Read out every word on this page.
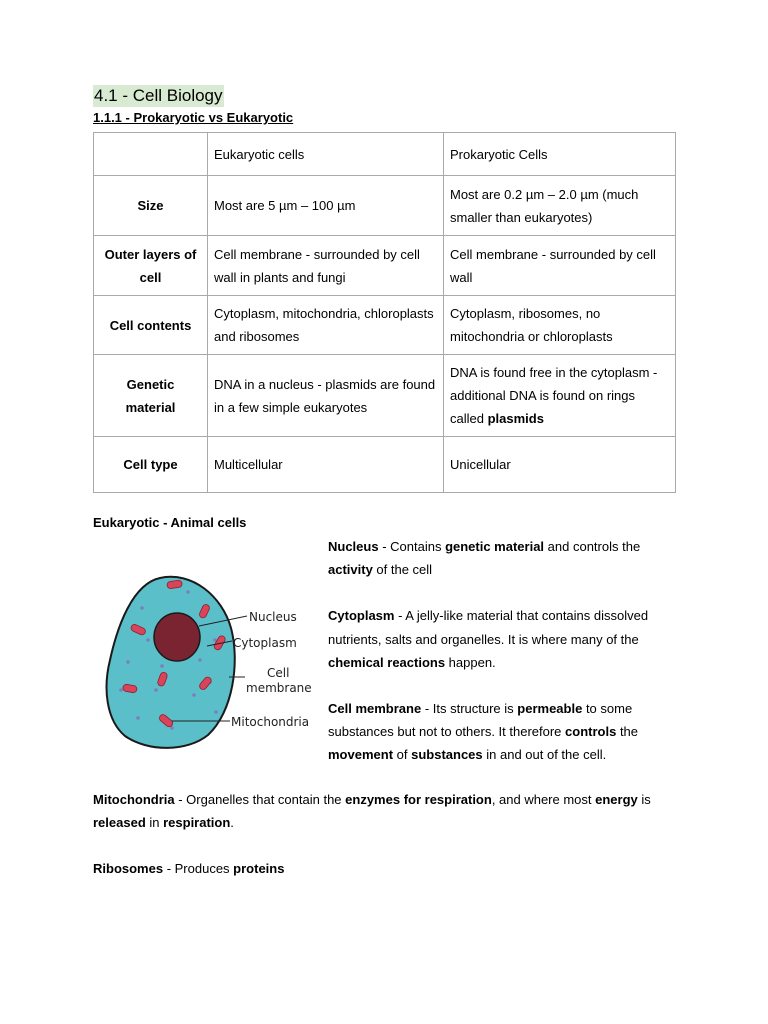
4.1 - Cell Biology
1.1.1 - Prokaryotic vs Eukaryotic
	Eukaryotic cells	Prokaryotic Cells
Size	Most are 5 µm – 100 µm	Most are 0.2 µm – 2.0 µm (much smaller than eukaryotes)
Outer layers of cell	Cell membrane - surrounded by cell wall in plants and fungi	Cell membrane - surrounded by cell wall
Cell contents	Cytoplasm, mitochondria, chloroplasts and ribosomes	Cytoplasm, ribosomes, no mitochondria or chloroplasts
Genetic material	DNA in a nucleus - plasmids are found in a few simple eukaryotes	DNA is found free in the cytoplasm - additional DNA is found on rings called plasmids
Cell type	Multicellular	Unicellular
Eukaryotic - Animal cells
Nucleus
Cytoplasm
Cell
membrane
Mitochondria

Nucleus - Contains genetic material and controls the activity of the cell

Cytoplasm - A jelly-like material that contains dissolved nutrients, salts and organelles. It is where many of the chemical reactions happen.

Cell membrane - Its structure is permeable to some substances but not to others. It therefore controls the movement of substances in and out of the cell.

Mitochondria - Organelles that contain the enzymes for respiration, and where most energy is released in respiration.

Ribosomes - Produces proteins
